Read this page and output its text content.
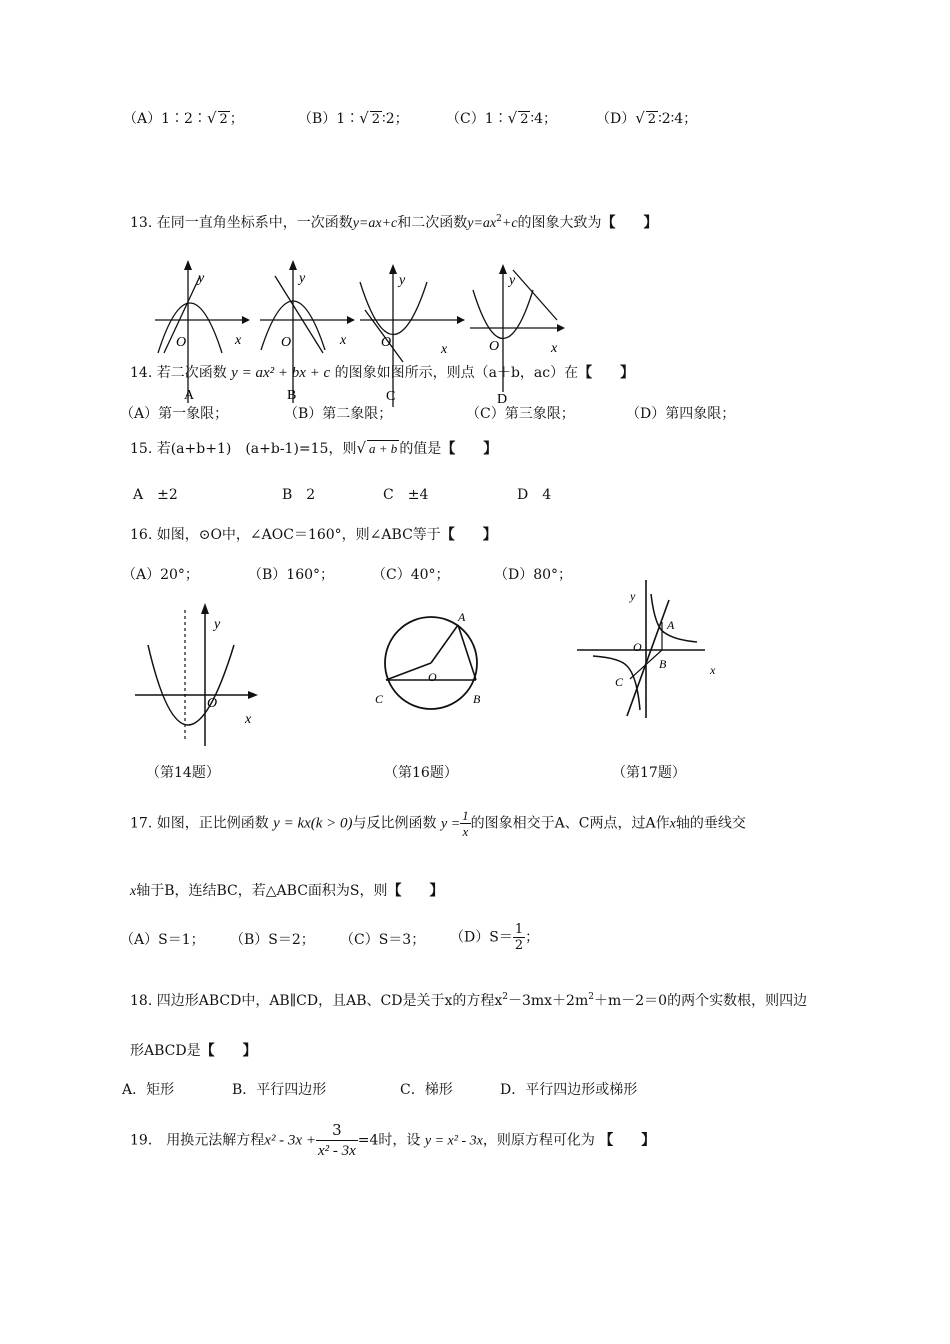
（A）1∶2∶√ 2 ；	（B）1∶√ 2 ∶2；	（C）1∶√ 2 ∶4；	（D）√ 2 ∶2∶4；
13. 在同一直角坐标系中，一次函数y=ax+c和二次函数$y=ax^2+c$的图象大致为【　　】
y
x
O
A
y
x
O
B
y
x
O
C
y
x
O
D
14. 若二次函数 y = ax² + bx + c 的图象如图所示，则点（a＋b，ac）在【　　】
（A）第一象限；	（B）第二象限；	（C）第三象限；	（D）第四象限；
15. 若(a+b+1)　(a+b-1)=15，则√ a + b 的值是【　　】
A　±2	B　2	C　±4	D　4
16. 如图，⊙O中，∠AOC＝160°，则∠ABC等于【　　】
（A）20°；	（B）160°；	（C）40°；	（D）80°；
y
x
O
A
B
C
O
y
x
A
B
C
O
（第14题）	（第16题）	（第17题）
17. 如图，正比例函数 y = kx(k > 0)与反比例函数 $y = \frac{1}{x}$ 的图象相交于A、C两点，过A作x轴的垂线交
x轴于B，连结BC，若△ABC面积为S，则【　　】
（A）S＝1； （B）S＝2； （C）S＝3； $(D)S= \frac{1}{2}$ ；
18. 四边形ABCD中，AB∥CD，且AB、CD是关于x的方程$x^2-3mx+2m^2+m-2=0$的两个实数根，则四边
形ABCD是【　　】
A．矩形	B．平行四边形	C．梯形	D．平行四边形或梯形
19． 用换元法解方程$x^2 - 3x + \frac{3}{\text{x² - 3x}} =4$时，设 y = x² - 3x，则原方程可化为 【　　】
